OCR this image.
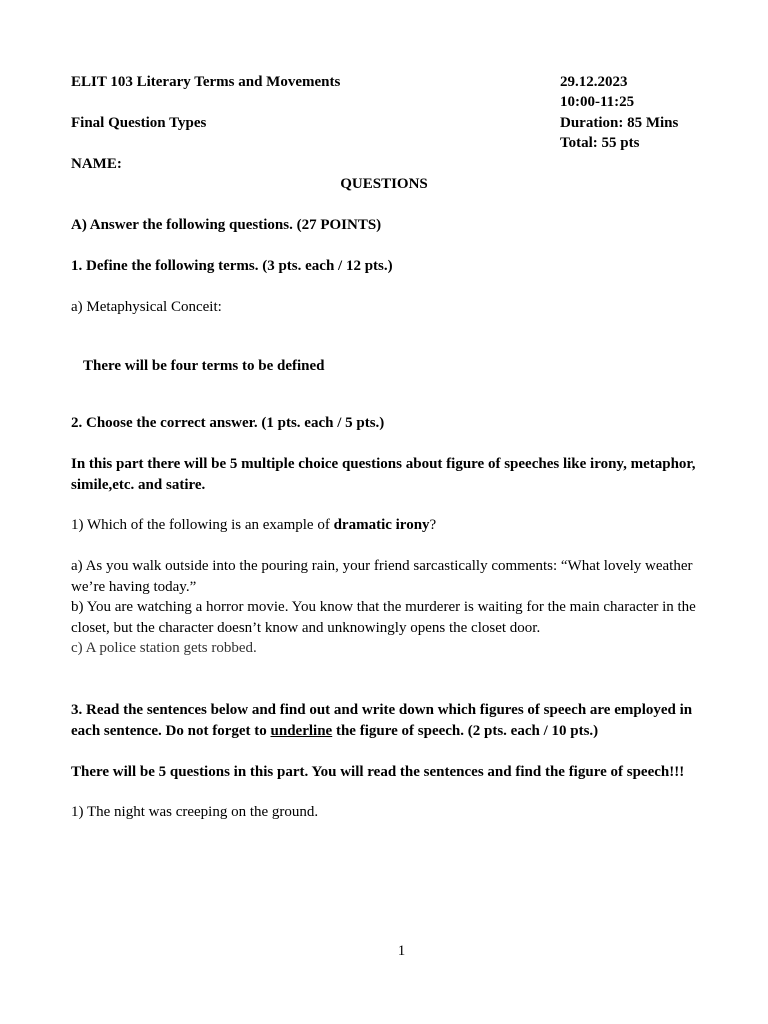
ELIT 103 Literary Terms and Movements
Final Question Types
NAME:
29.12.2023
10:00-11:25
Duration: 85 Mins
Total: 55 pts
QUESTIONS
A) Answer the following questions. (27 POINTS)
1. Define the following terms. (3 pts. each / 12 pts.)
a) Metaphysical Conceit:
There will be four terms to be defined
2. Choose the correct answer. (1 pts. each / 5 pts.)
In this part there will be 5 multiple choice questions about figure of speeches like irony, metaphor, simile,etc. and satire.
1) Which of the following is an example of dramatic irony?
a) As you walk outside into the pouring rain, your friend sarcastically comments: “What lovely weather we’re having today.”
b) You are watching a horror movie. You know that the murderer is waiting for the main character in the closet, but the character doesn’t know and unknowingly opens the closet door.
c) A police station gets robbed.
3. Read the sentences below and find out and write down which figures of speech are employed in each sentence. Do not forget to underline the figure of speech. (2 pts. each / 10 pts.)
There will be 5 questions in this part. You will read the sentences and find the figure of speech!!!
1) The night was creeping on the ground.
1
